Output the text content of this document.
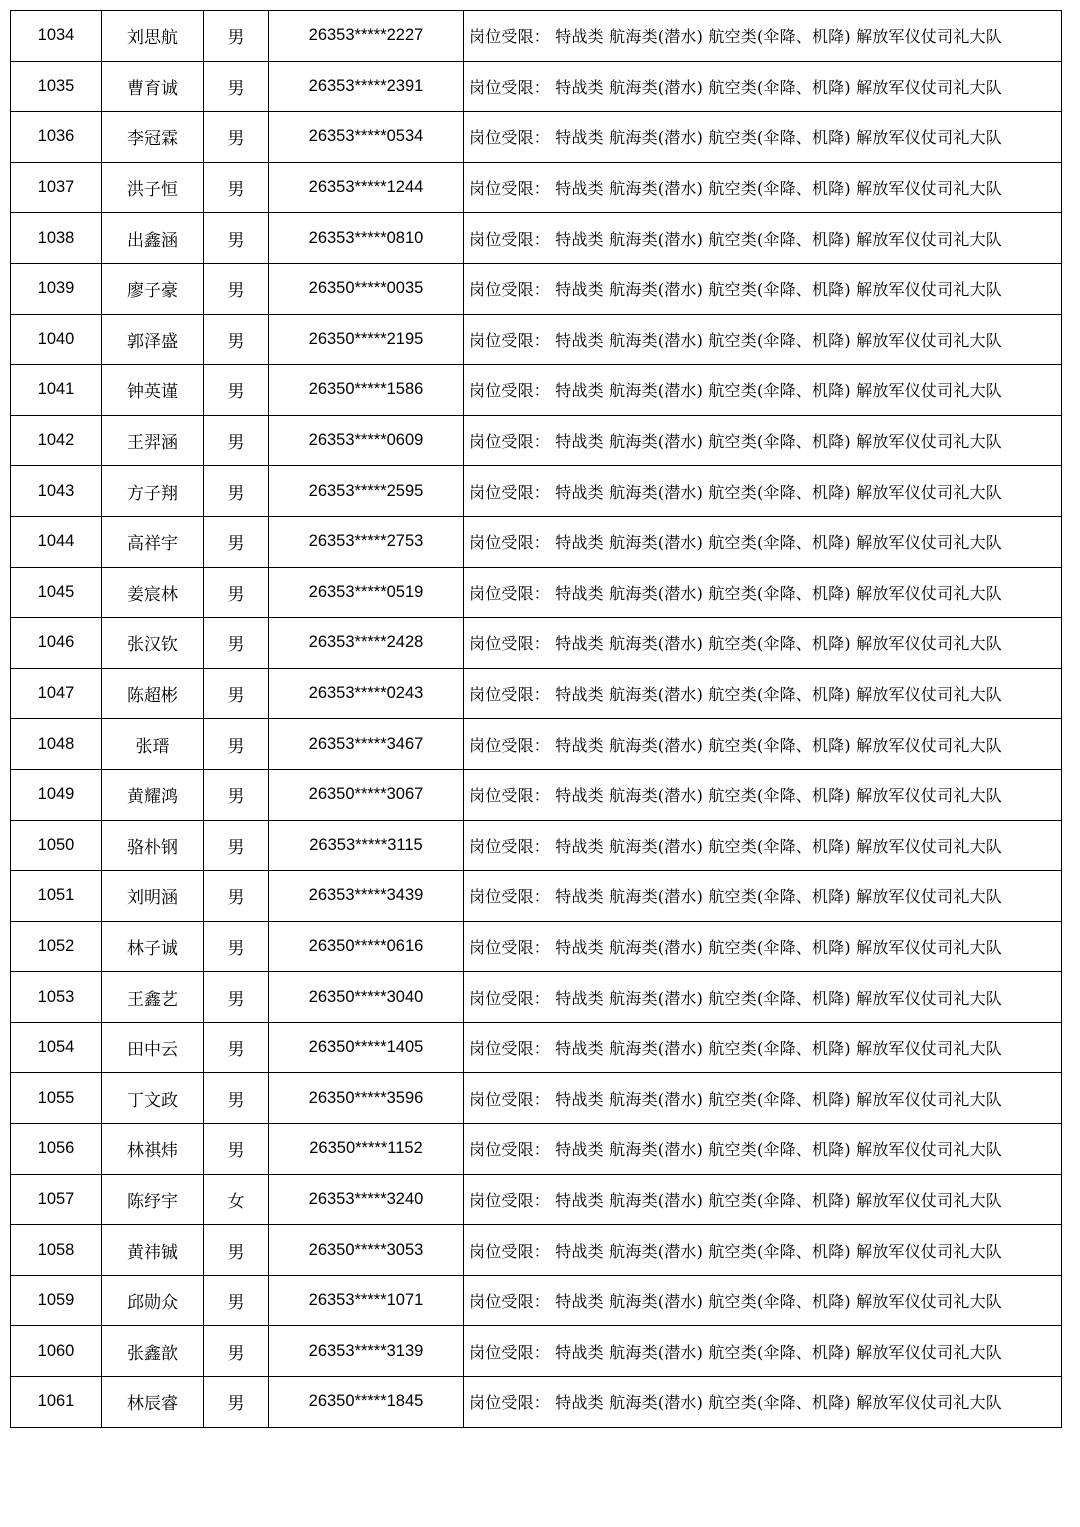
1034	刘思航	男	26353*****2227	岗位受限： 特战类 航海类(潜水) 航空类(伞降、机降) 解放军仪仗司礼大队
1035	曹育诚	男	26353*****2391	岗位受限： 特战类 航海类(潜水) 航空类(伞降、机降) 解放军仪仗司礼大队
1036	李冠霖	男	26353*****0534	岗位受限： 特战类 航海类(潜水) 航空类(伞降、机降) 解放军仪仗司礼大队
1037	洪子恒	男	26353*****1244	岗位受限： 特战类 航海类(潜水) 航空类(伞降、机降) 解放军仪仗司礼大队
1038	出鑫涵	男	26353*****0810	岗位受限： 特战类 航海类(潜水) 航空类(伞降、机降) 解放军仪仗司礼大队
1039	廖子豪	男	26350*****0035	岗位受限： 特战类 航海类(潜水) 航空类(伞降、机降) 解放军仪仗司礼大队
1040	郭泽盛	男	26350*****2195	岗位受限： 特战类 航海类(潜水) 航空类(伞降、机降) 解放军仪仗司礼大队
1041	钟英谨	男	26350*****1586	岗位受限： 特战类 航海类(潜水) 航空类(伞降、机降) 解放军仪仗司礼大队
1042	王羿涵	男	26353*****0609	岗位受限： 特战类 航海类(潜水) 航空类(伞降、机降) 解放军仪仗司礼大队
1043	方子翔	男	26353*****2595	岗位受限： 特战类 航海类(潜水) 航空类(伞降、机降) 解放军仪仗司礼大队
1044	高祥宇	男	26353*****2753	岗位受限： 特战类 航海类(潜水) 航空类(伞降、机降) 解放军仪仗司礼大队
1045	姜宸林	男	26353*****0519	岗位受限： 特战类 航海类(潜水) 航空类(伞降、机降) 解放军仪仗司礼大队
1046	张汉钦	男	26353*****2428	岗位受限： 特战类 航海类(潜水) 航空类(伞降、机降) 解放军仪仗司礼大队
1047	陈超彬	男	26353*****0243	岗位受限： 特战类 航海类(潜水) 航空类(伞降、机降) 解放军仪仗司礼大队
1048	张瑨	男	26353*****3467	岗位受限： 特战类 航海类(潜水) 航空类(伞降、机降) 解放军仪仗司礼大队
1049	黄耀鸿	男	26350*****3067	岗位受限： 特战类 航海类(潜水) 航空类(伞降、机降) 解放军仪仗司礼大队
1050	骆朴钢	男	26353*****3115	岗位受限： 特战类 航海类(潜水) 航空类(伞降、机降) 解放军仪仗司礼大队
1051	刘明涵	男	26353*****3439	岗位受限： 特战类 航海类(潜水) 航空类(伞降、机降) 解放军仪仗司礼大队
1052	林子诚	男	26350*****0616	岗位受限： 特战类 航海类(潜水) 航空类(伞降、机降) 解放军仪仗司礼大队
1053	王鑫艺	男	26350*****3040	岗位受限： 特战类 航海类(潜水) 航空类(伞降、机降) 解放军仪仗司礼大队
1054	田中云	男	26350*****1405	岗位受限： 特战类 航海类(潜水) 航空类(伞降、机降) 解放军仪仗司礼大队
1055	丁文政	男	26350*****3596	岗位受限： 特战类 航海类(潜水) 航空类(伞降、机降) 解放军仪仗司礼大队
1056	林祺炜	男	26350*****1152	岗位受限： 特战类 航海类(潜水) 航空类(伞降、机降) 解放军仪仗司礼大队
1057	陈纾宇	女	26353*****3240	岗位受限： 特战类 航海类(潜水) 航空类(伞降、机降) 解放军仪仗司礼大队
1058	黄祎铖	男	26350*****3053	岗位受限： 特战类 航海类(潜水) 航空类(伞降、机降) 解放军仪仗司礼大队
1059	邱勋众	男	26353*****1071	岗位受限： 特战类 航海类(潜水) 航空类(伞降、机降) 解放军仪仗司礼大队
1060	张鑫歆	男	26353*****3139	岗位受限： 特战类 航海类(潜水) 航空类(伞降、机降) 解放军仪仗司礼大队
1061	林辰睿	男	26350*****1845	岗位受限： 特战类 航海类(潜水) 航空类(伞降、机降) 解放军仪仗司礼大队
